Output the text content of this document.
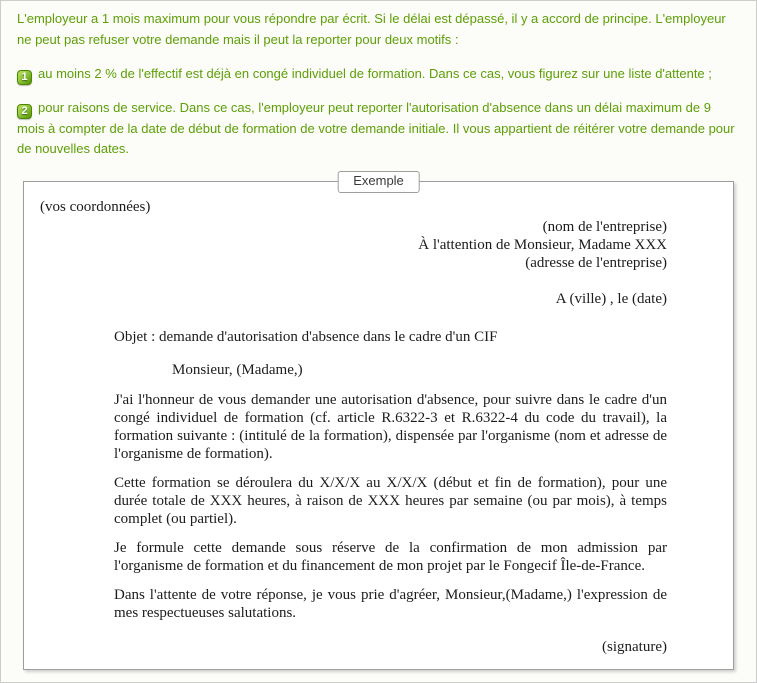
L'employeur a 1 mois maximum pour vous répondre par écrit. Si le délai est dépassé, il y a accord de principe. L'employeur ne peut pas refuser votre demande mais il peut la reporter pour deux motifs :
1 au moins 2 % de l'effectif est déjà en congé individuel de formation. Dans ce cas, vous figurez sur une liste d'attente ;
2 pour raisons de service. Dans ce cas, l'employeur peut reporter l'autorisation d'absence dans un délai maximum de 9 mois à compter de la date de début de formation de votre demande initiale. Il vous appartient de réitérer votre demande pour de nouvelles dates.
Exemple
(vos coordonnées)
(nom de l'entreprise)
À l'attention de Monsieur, Madame XXX
(adresse de l'entreprise)
A (ville) , le (date)
Objet : demande d'autorisation d'absence dans le cadre d'un CIF
Monsieur, (Madame,)
J'ai l'honneur de vous demander une autorisation d'absence, pour suivre dans le cadre d'un congé individuel de formation (cf. article R.6322-3 et R.6322-4 du code du travail), la formation suivante : (intitulé de la formation), dispensée par l'organisme (nom et adresse de l'organisme de formation).
Cette formation se déroulera du X/X/X au X/X/X (début et fin de formation), pour une durée totale de XXX heures, à raison de XXX heures par semaine (ou par mois), à temps complet (ou partiel).
Je formule cette demande sous réserve de la confirmation de mon admission par l'organisme de formation et du financement de mon projet par le Fongecif Île-de-France.
Dans l'attente de votre réponse, je vous prie d'agréer, Monsieur,(Madame,) l'expression de mes respectueuses salutations.
(signature)
